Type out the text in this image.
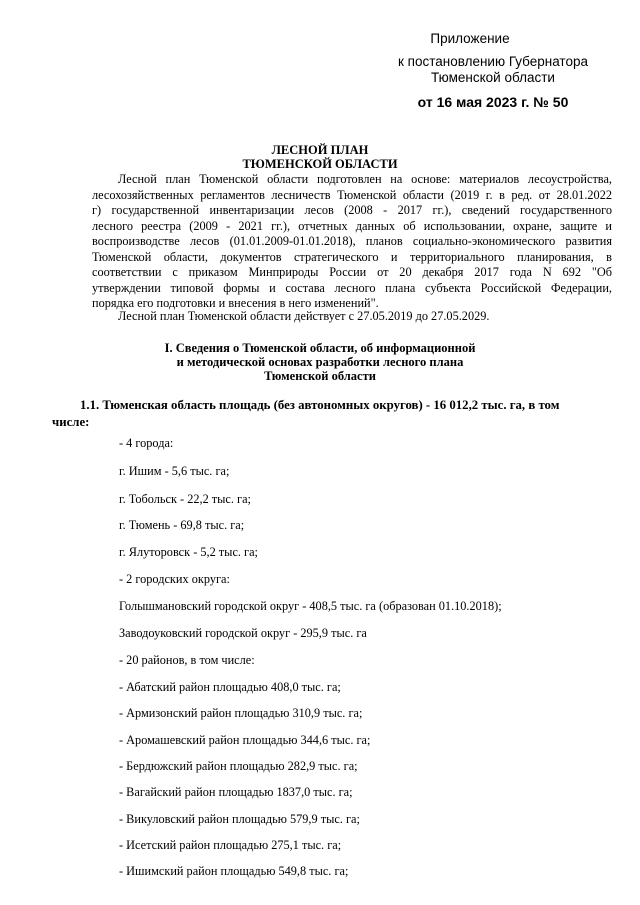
Приложение
к постановлению Губернатора
Тюменской области
от 16 мая 2023 г. № 50
ЛЕСНОЙ ПЛАН
ТЮМЕНСКОЙ ОБЛАСТИ
Лесной план Тюменской области подготовлен на основе: материалов лесоустройства,
лесохозяйственных регламентов лесничеств Тюменской области (2019 г. в ред. от 28.01.2022
г) государственной инвентаризации лесов (2008 - 2017 гг.), сведений государственного
лесного реестра (2009 - 2021 гг.), отчетных данных об использовании, охране, защите и
воспроизводстве лесов (01.01.2009-01.01.2018), планов социально-экономического развития
Тюменской области, документов стратегического и территориального планирования, в
соответствии с приказом Минприроды России от 20 декабря 2017 года N 692 "Об
утверждении типовой формы и состава лесного плана субъекта Российской Федерации,
порядка его подготовки и внесения в него изменений".
Лесной план Тюменской области действует с 27.05.2019 до 27.05.2029.
I. Сведения о Тюменской области, об информационной
и методической основах разработки лесного плана
Тюменской области
1.1. Тюменская область площадь (без автономных округов) - 16 012,2 тыс. га, в том
числе:
- 4 города:
г. Ишим - 5,6 тыс. га;
г. Тобольск - 22,2 тыс. га;
г. Тюмень - 69,8 тыс. га;
г. Ялуторовск - 5,2 тыс. га;
- 2 городских округа:
Голышмановский городской округ - 408,5 тыс. га (образован 01.10.2018);
Заводоуковский городской округ - 295,9 тыс. га
- 20 районов, в том числе:
- Абатский район площадью 408,0 тыс. га;
- Армизонский район площадью 310,9 тыс. га;
- Аромашевский район площадью 344,6 тыс. га;
- Бердюжский район площадью 282,9 тыс. га;
- Вагайский район площадью 1837,0 тыс. га;
- Викуловский район площадью 579,9 тыс. га;
- Исетский район площадью 275,1 тыс. га;
- Ишимский район площадью 549,8 тыс. га;
